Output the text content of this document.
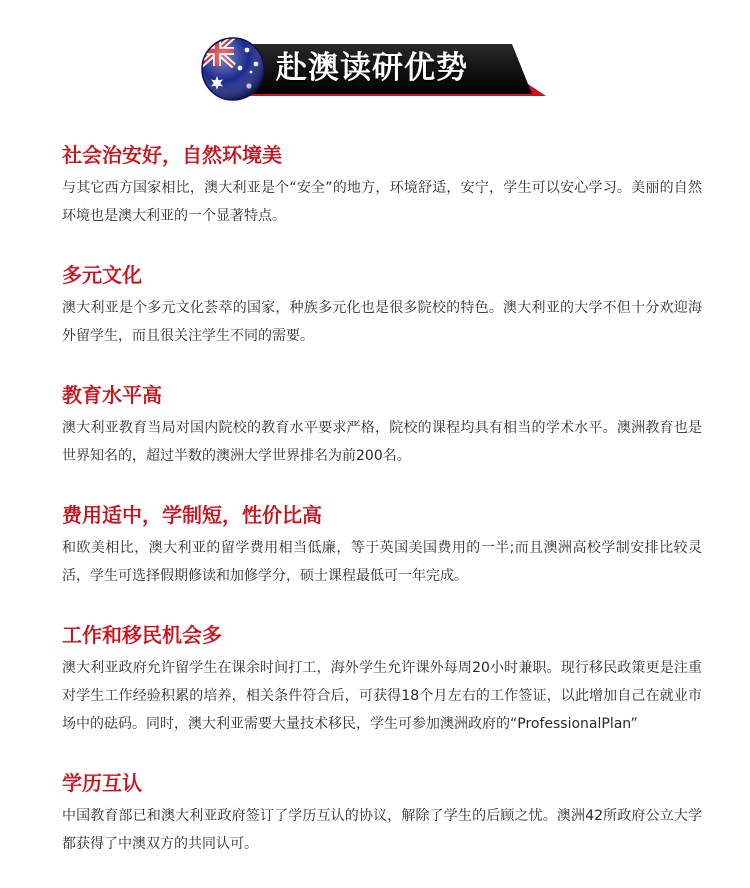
赴澳读研优势
社会治安好，自然环境美

与其它西方国家相比，澳大利亚是个“安全”的地方，环境舒适，安宁，学生可以安心学习。美丽的自然环境也是澳大利亚的一个显著特点。

多元文化

澳大利亚是个多元文化荟萃的国家，种族多元化也是很多院校的特色。澳大利亚的大学不但十分欢迎海外留学生，而且很关注学生不同的需要。

教育水平高

澳大利亚教育当局对国内院校的教育水平要求严格，院校的课程均具有相当的学术水平。澳洲教育也是世界知名的，超过半数的澳洲大学世界排名为前200名。

费用适中，学制短，性价比高

和欧美相比，澳大利亚的留学费用相当低廉，等于英国美国费用的一半;而且澳洲高校学制安排比较灵活，学生可选择假期修读和加修学分，硕士课程最低可一年完成。

工作和移民机会多

澳大利亚政府允许留学生在课余时间打工，海外学生允许课外每周20小时兼职。现行移民政策更是注重对学生工作经验积累的培养，相关条件符合后，可获得18个月左右的工作签证，以此增加自己在就业市场中的砝码。同时，澳大利亚需要大量技术移民，学生可参加澳洲政府的“ProfessionalPlan”

学历互认

中国教育部已和澳大利亚政府签订了学历互认的协议，解除了学生的后顾之忧。澳洲42所政府公立大学都获得了中澳双方的共同认可。
